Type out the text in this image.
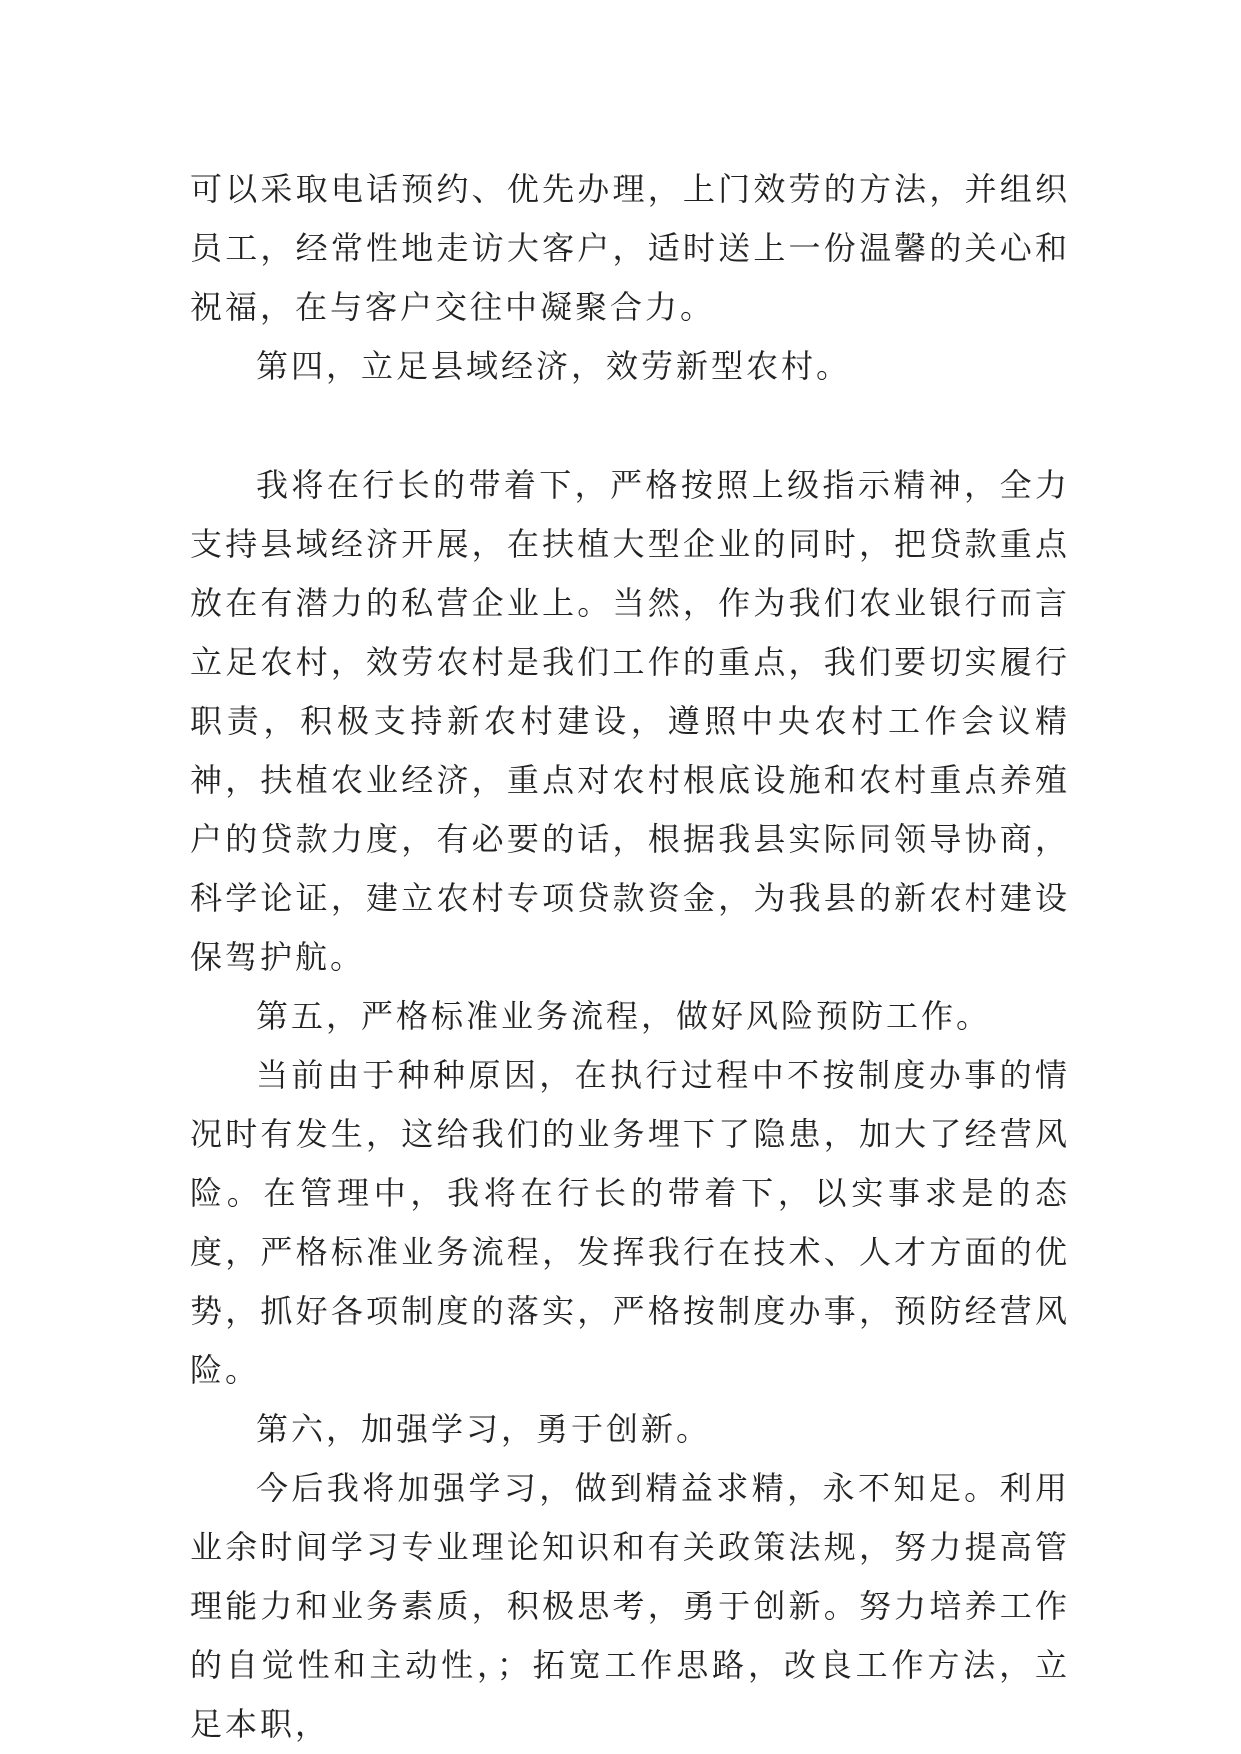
可以采取电话预约、优先办理，上门效劳的方法，并组织员工，经常性地走访大客户，适时送上一份温馨的关心和祝福，在与客户交往中凝聚合力。

第四，立足县域经济，效劳新型农村。

我将在行长的带着下，严格按照上级指示精神，全力支持县域经济开展，在扶植大型企业的同时，把贷款重点放在有潜力的私营企业上。当然，作为我们农业银行而言立足农村，效劳农村是我们工作的重点，我们要切实履行职责，积极支持新农村建设，遵照中央农村工作会议精神，扶植农业经济，重点对农村根底设施和农村重点养殖户的贷款力度，有必要的话，根据我县实际同领导协商，科学论证，建立农村专项贷款资金，为我县的新农村建设保驾护航。

第五，严格标准业务流程，做好风险预防工作。

当前由于种种原因，在执行过程中不按制度办事的情况时有发生，这给我们的业务埋下了隐患，加大了经营风险。在管理中，我将在行长的带着下，以实事求是的态度，严格标准业务流程，发挥我行在技术、人才方面的优势，抓好各项制度的落实，严格按制度办事，预防经营风险。

第六，加强学习，勇于创新。

今后我将加强学习，做到精益求精，永不知足。利用业余时间学习专业理论知识和有关政策法规，努力提高管理能力和业务素质，积极思考，勇于创新。努力培养工作的自觉性和主动性，；拓宽工作思路，改良工作方法，立足本职，
